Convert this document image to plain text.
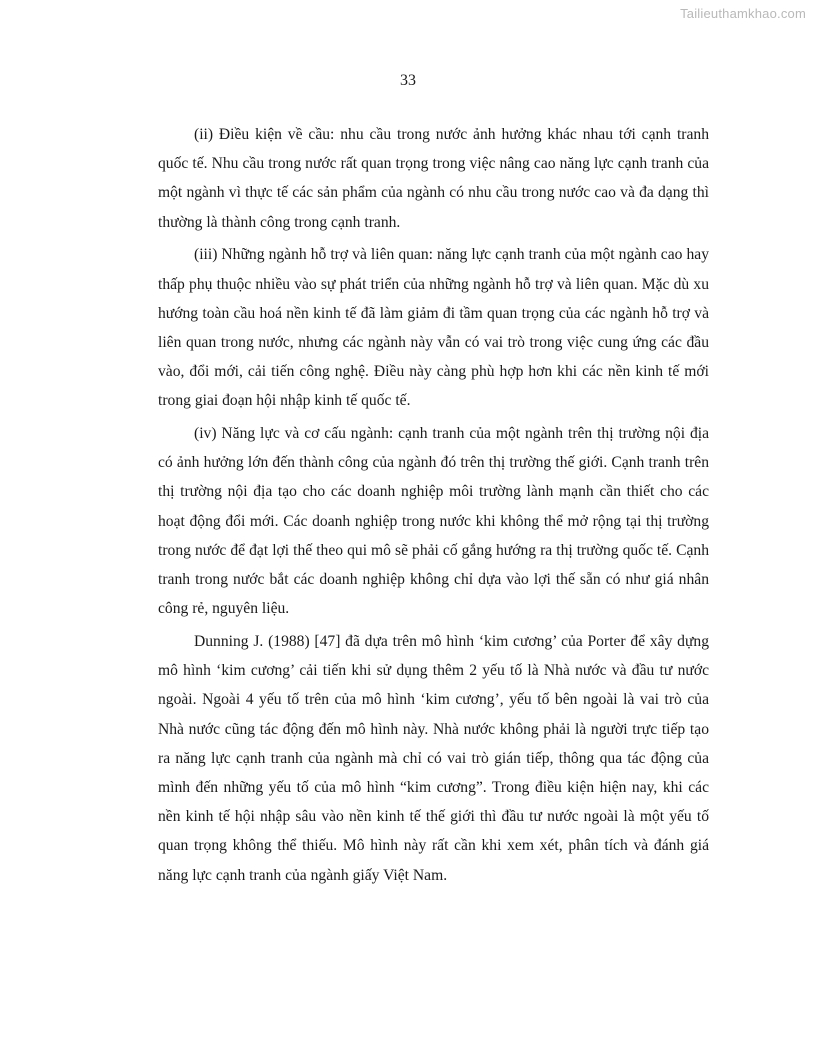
Tailieuthamkhao.com
33

(ii) Điều kiện về cầu: nhu cầu trong nước ảnh hưởng khác nhau tới cạnh tranh quốc tế. Nhu cầu trong nước rất quan trọng trong việc nâng cao năng lực cạnh tranh của một ngành vì thực tế các sản phẩm của ngành có nhu cầu trong nước cao và đa dạng thì thường là thành công trong cạnh tranh.

(iii) Những ngành hỗ trợ và liên quan: năng lực cạnh tranh của một ngành cao hay thấp phụ thuộc nhiều vào sự phát triển của những ngành hỗ trợ và liên quan. Mặc dù xu hướng toàn cầu hoá nền kinh tế đã làm giảm đi tầm quan trọng của các ngành hỗ trợ và liên quan trong nước, nhưng các ngành này vẫn có vai trò trong việc cung ứng các đầu vào, đổi mới, cải tiến công nghệ. Điều này càng phù hợp hơn khi các nền kinh tế mới trong giai đoạn hội nhập kinh tế quốc tế.

(iv) Năng lực và cơ cấu ngành: cạnh tranh của một ngành trên thị trường nội địa có ảnh hưởng lớn đến thành công của ngành đó trên thị trường thế giới. Cạnh tranh trên thị trường nội địa tạo cho các doanh nghiệp môi trường lành mạnh cần thiết cho các hoạt động đổi mới. Các doanh nghiệp trong nước khi không thể mở rộng tại thị trường trong nước để đạt lợi thế theo qui mô sẽ phải cố gắng hướng ra thị trường quốc tế. Cạnh tranh trong nước bắt các doanh nghiệp không chỉ dựa vào lợi thế sẵn có như giá nhân công rẻ, nguyên liệu.

Dunning J. (1988) [47] đã dựa trên mô hình ‘kim cương’ của Porter để xây dựng mô hình ‘kim cương’ cải tiến khi sử dụng thêm 2 yếu tố là Nhà nước và đầu tư nước ngoài. Ngoài 4 yếu tố trên của mô hình ‘kim cương’, yếu tố bên ngoài là vai trò của Nhà nước cũng tác động đến mô hình này. Nhà nước không phải là người trực tiếp tạo ra năng lực cạnh tranh của ngành mà chỉ có vai trò gián tiếp, thông qua tác động của mình đến những yếu tố của mô hình “kim cương”. Trong điều kiện hiện nay, khi các nền kinh tế hội nhập sâu vào nền kinh tế thế giới thì đầu tư nước ngoài là một yếu tố quan trọng không thể thiếu. Mô hình này rất cần khi xem xét, phân tích và đánh giá năng lực cạnh tranh của ngành giấy Việt Nam.
